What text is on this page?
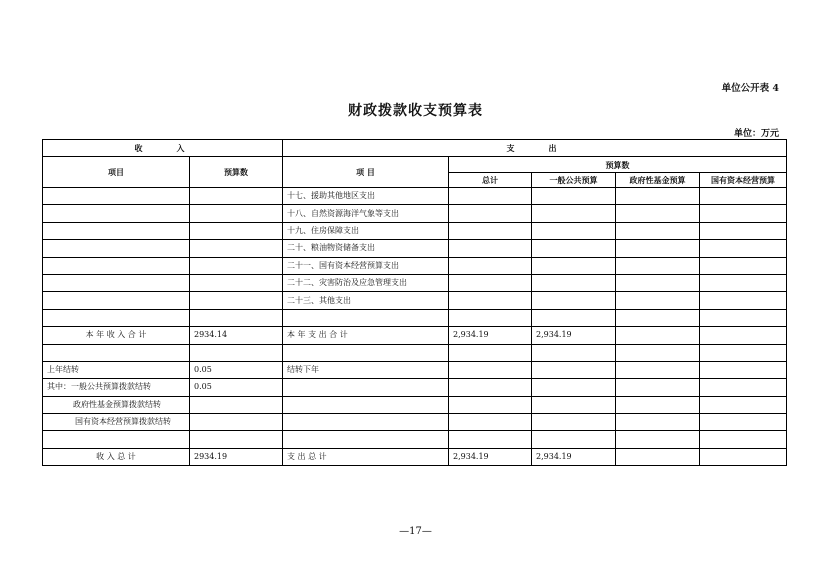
单位公开表 4
财政拨款收支预算表
单位：万元
收　　入		支　　出				
项目	预算数	项 目	预算数			
			总计	一般公共预算	政府性基金预算	国有资本经营预算
		十七、援助其他地区支出				
		十八、自然资源海洋气象等支出				
		十九、住房保障支出				
		二十、粮油物资储备支出				
		二十一、国有资本经营预算支出				
		二十二、灾害防治及应急管理支出				
		二十三、其他支出				

本 年 收 入 合 计	2934.14	本 年 支 出 合 计	2,934.19	2,934.19		

上年结转	0.05	结转下年				
其中：一般公共预算拨款结转	0.05					
政府性基金预算拨款结转						
国有资本经营预算拨款结转						

收 入 总 计	2934.19	支 出 总 计	2,934.19	2,934.19		
—17—
